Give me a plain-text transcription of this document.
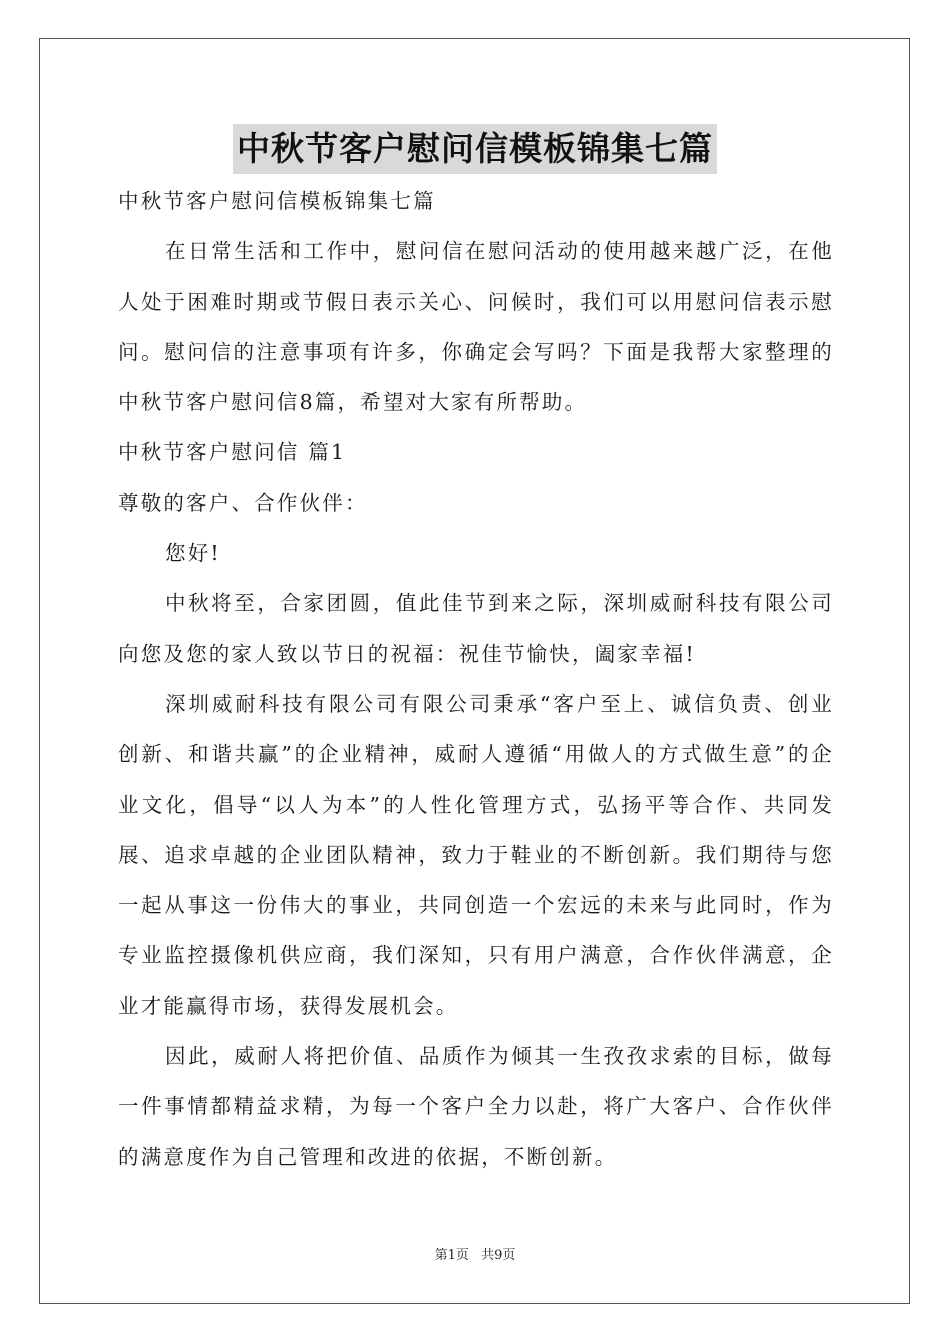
中秋节客户慰问信模板锦集七篇

中秋节客户慰问信模板锦集七篇

在日常生活和工作中，慰问信在慰问活动的使用越来越广泛，在他人处于困难时期或节假日表示关心、问候时，我们可以用慰问信表示慰问。慰问信的注意事项有许多，你确定会写吗？下面是我帮大家整理的中秋节客户慰问信8篇，希望对大家有所帮助。

中秋节客户慰问信 篇1

尊敬的客户、合作伙伴：

您好!

中秋将至，合家团圆，值此佳节到来之际，深圳威耐科技有限公司向您及您的家人致以节日的祝福：祝佳节愉快，阖家幸福!

深圳威耐科技有限公司有限公司秉承“客户至上、诚信负责、创业创新、和谐共赢”的企业精神，威耐人遵循“用做人的方式做生意”的企业文化，倡导“以人为本”的人性化管理方式，弘扬平等合作、共同发展、追求卓越的企业团队精神，致力于鞋业的不断创新。我们期待与您一起从事这一份伟大的事业，共同创造一个宏远的未来与此同时，作为专业监控摄像机供应商，我们深知，只有用户满意，合作伙伴满意，企业才能赢得市场，获得发展机会。

因此，威耐人将把价值、品质作为倾其一生孜孜求索的目标，做每一件事情都精益求精，为每一个客户全力以赴，将广大客户、合作伙伴的满意度作为自己管理和改进的依据，不断创新。

第1页 共9页
